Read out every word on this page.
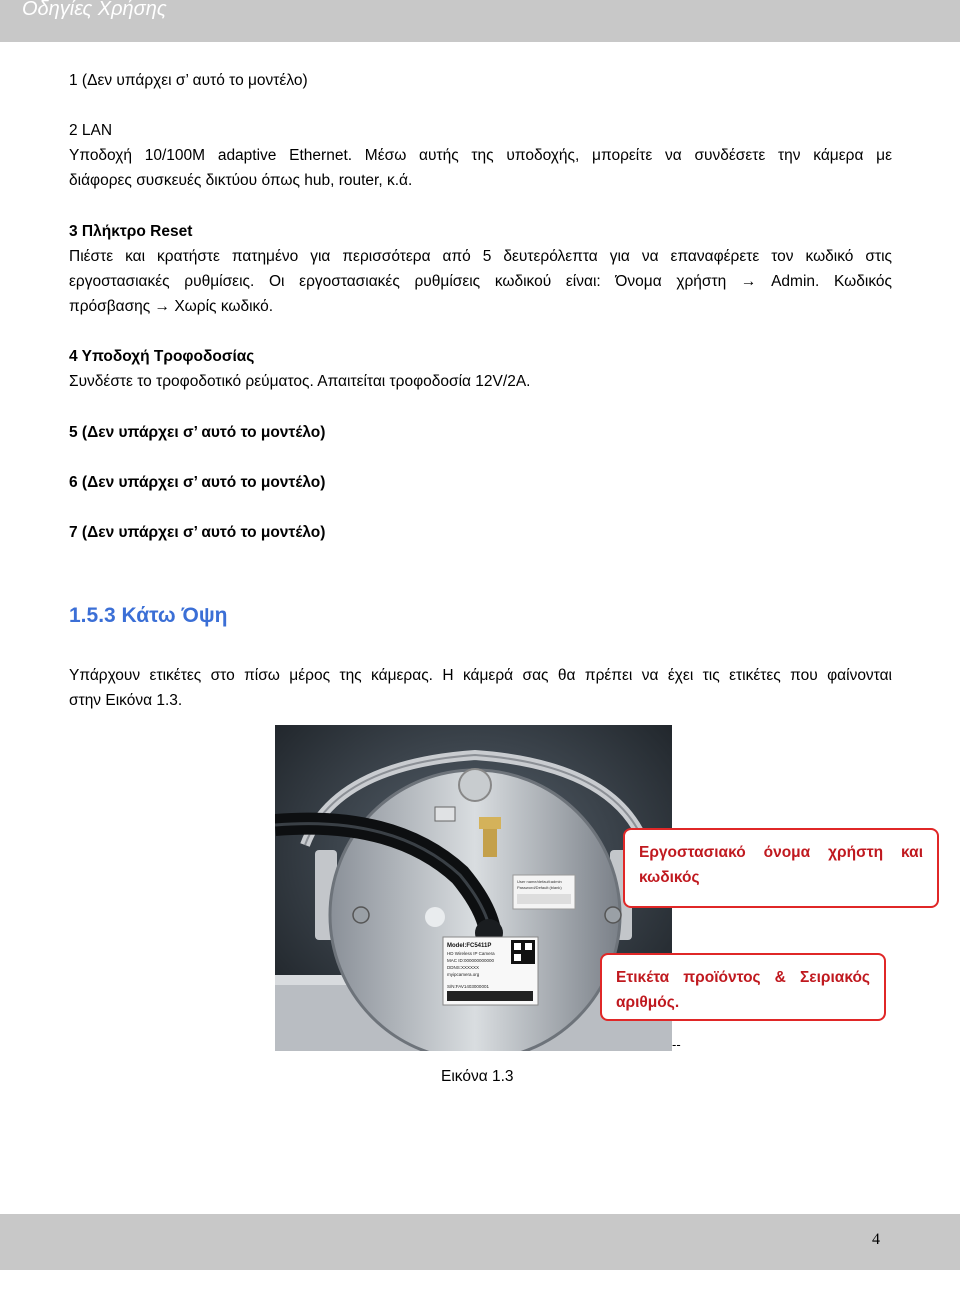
Οδηγίες Χρήσης
1 (Δεν υπάρχει σ’ αυτό το μοντέλο)
2 LAN
Υποδοχή 10/100M adaptive Ethernet. Μέσω αυτής της υποδοχής, μπορείτε να συνδέσετε την κάμερα με
διάφορες συσκευές δικτύου όπως hub, router, κ.ά.
3 Πλήκτρο Reset
Πιέστε και κρατήστε πατημένο για περισσότερα από 5 δευτερόλεπτα για να επαναφέρετε τον κωδικό στις
εργοστασιακές ρυθμίσεις. Οι εργοστασιακές ρυθμίσεις κωδικού είναι: Όνομα χρήστη → Admin. Κωδικός
πρόσβασης → Χωρίς κωδικό.
4 Υποδοχή Τροφοδοσίας
Συνδέστε το τροφοδοτικό ρεύματος. Απαιτείται τροφοδοσία 12V/2A.
5 (Δεν υπάρχει σ’ αυτό το μοντέλο)
6 (Δεν υπάρχει σ’ αυτό το μοντέλο)
7 (Δεν υπάρχει σ’ αυτό το μοντέλο)
1.5.3 Κάτω Όψη
Υπάρχουν ετικέτες στο πίσω μέρος της κάμερας. Η κάμερά σας θα πρέπει να έχει τις ετικέτες που φαίνονται
στην Εικόνα 1.3.
User name/default:admin
Password/Default:(blank)
Model:FC5411P
HD Wireless IP Camera
MAC ID:000000000000
DDNS:XXXXXX
myipcamera.org
S/N:FAV1403000001
Εργοστασιακό όνομα χρήστη και κωδικός
Ετικέτα προϊόντος & Σειριακός αριθμός.
--
Εικόνα 1.3
4
